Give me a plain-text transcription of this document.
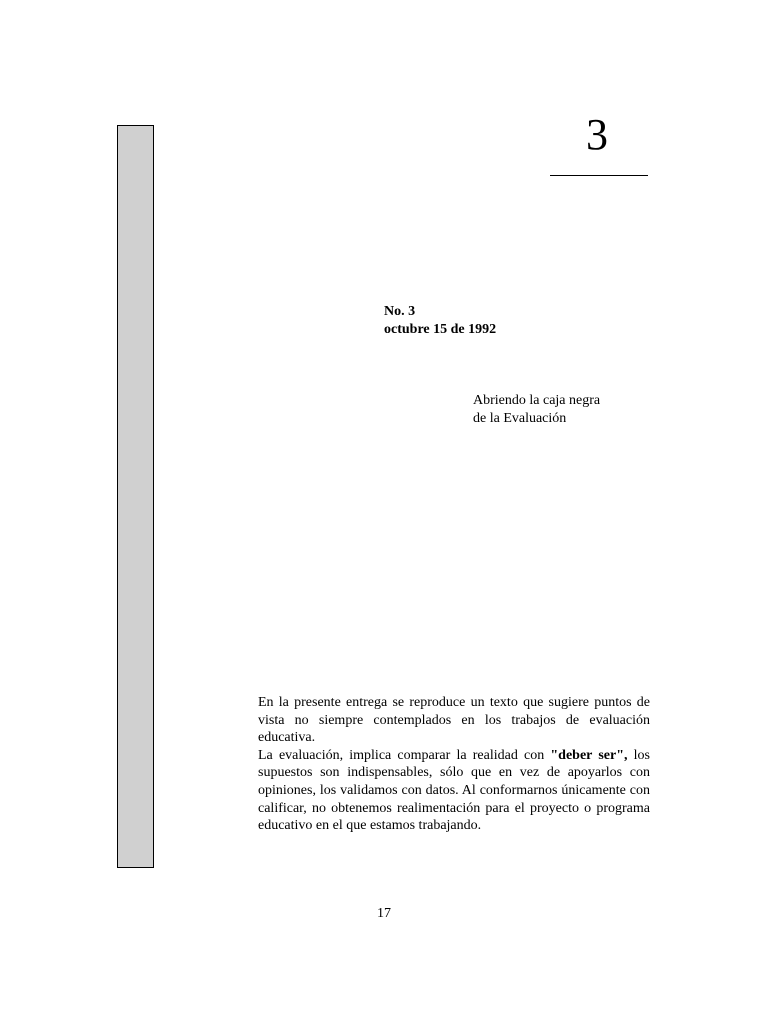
3
No. 3
octubre 15 de 1992
Abriendo la caja negra
de la Evaluación

En la presente entrega se reproduce un texto que sugiere puntos de vista no siempre contemplados en los trabajos de evaluación educativa.

La evaluación, implica comparar la realidad con "deber ser", los supuestos son indispensables, sólo que en vez de apoyarlos con opiniones, los validamos con datos. Al conformarnos únicamente con calificar, no obtenemos realimentación para el proyecto o programa educativo en el que estamos trabajando.

17
